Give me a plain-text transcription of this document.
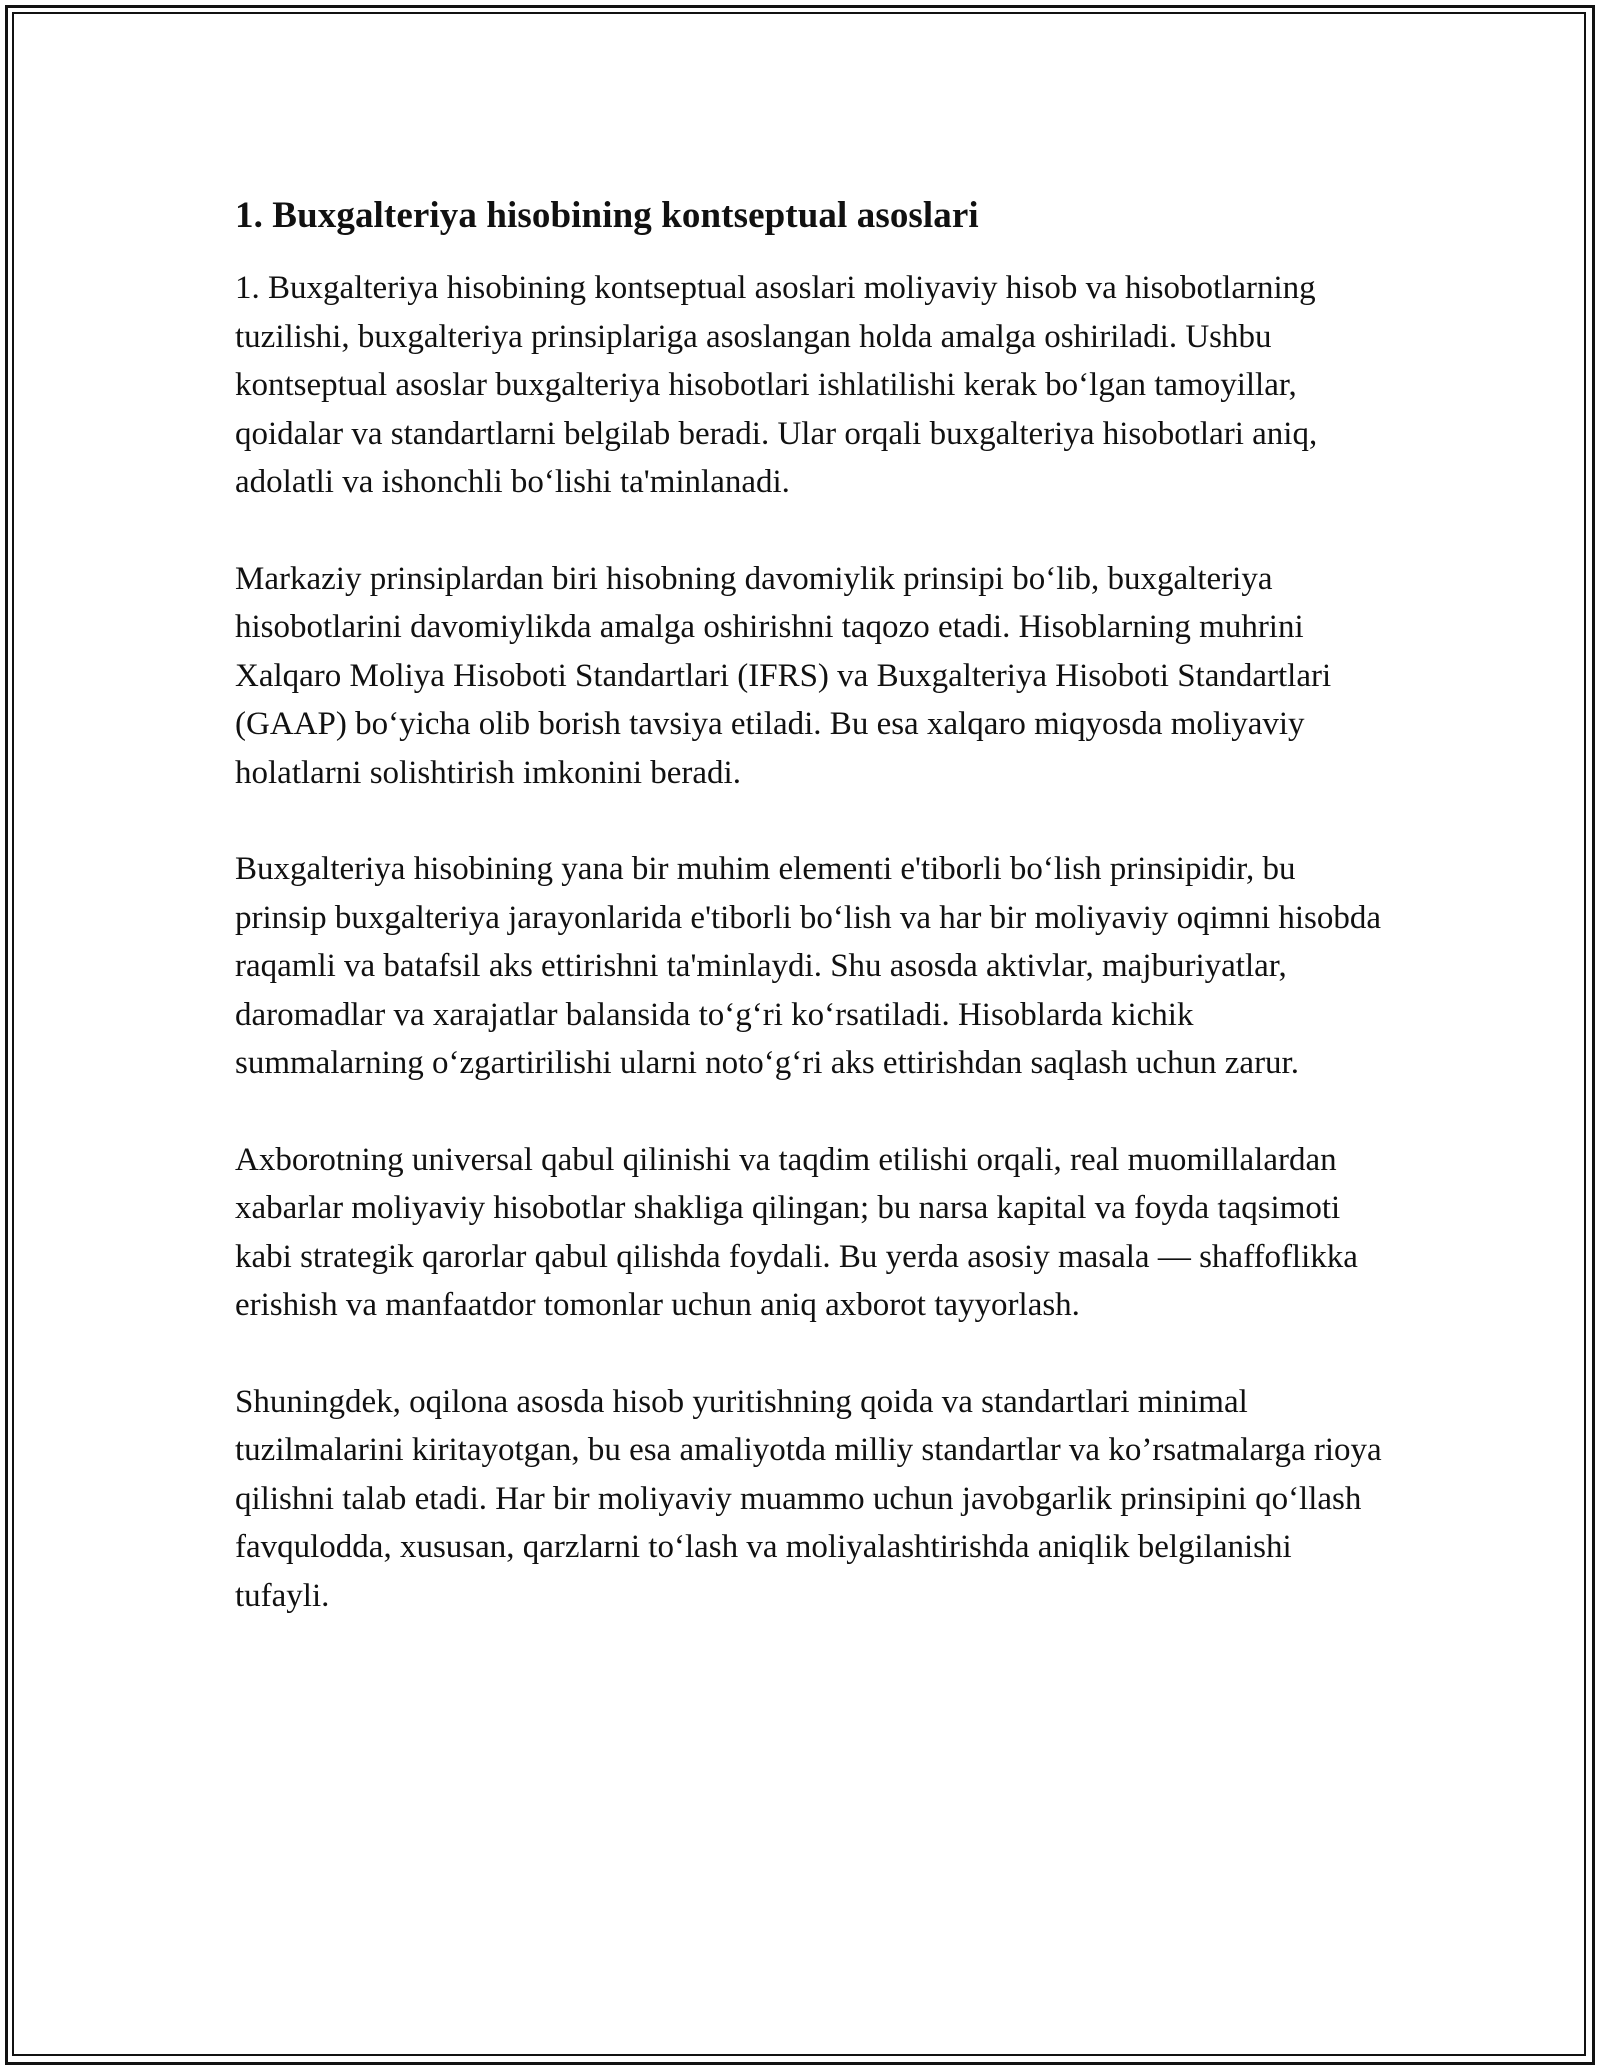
1. Buxgalteriya hisobining kontseptual asoslari

1. Buxgalteriya hisobining kontseptual asoslari moliyaviy hisob va hisobotlarning tuzilishi, buxgalteriya prinsiplariga asoslangan holda amalga oshiriladi. Ushbu kontseptual asoslar buxgalteriya hisobotlari ishlatilishi kerak bo‘lgan tamoyillar, qoidalar va standartlarni belgilab beradi. Ular orqali buxgalteriya hisobotlari aniq, adolatli va ishonchli bo‘lishi ta'minlanadi.

Markaziy prinsiplardan biri hisobning davomiylik prinsipi bo‘lib, buxgalteriya hisobotlarini davomiylikda amalga oshirishni taqozo etadi. Hisoblarning muhrini Xalqaro Moliya Hisoboti Standartlari (IFRS) va Buxgalteriya Hisoboti Standartlari (GAAP) bo‘yicha olib borish tavsiya etiladi. Bu esa xalqaro miqyosda moliyaviy holatlarni solishtirish imkonini beradi.

Buxgalteriya hisobining yana bir muhim elementi e'tiborli bo‘lish prinsipidir, bu prinsip buxgalteriya jarayonlarida e'tiborli bo‘lish va har bir moliyaviy oqimni hisobda raqamli va batafsil aks ettirishni ta'minlaydi. Shu asosda aktivlar, majburiyatlar, daromadlar va xarajatlar balansida to‘g‘ri ko‘rsatiladi. Hisoblarda kichik summalarning o‘zgartirilishi ularni noto‘g‘ri aks ettirishdan saqlash uchun zarur.

Axborotning universal qabul qilinishi va taqdim etilishi orqali, real muomillalardan xabarlar moliyaviy hisobotlar shakliga qilingan; bu narsa kapital va foyda taqsimoti kabi strategik qarorlar qabul qilishda foydali. Bu yerda asosiy masala — shaffoflikka erishish va manfaatdor tomonlar uchun aniq axborot tayyorlash.

Shuningdek, oqilona asosda hisob yuritishning qoida va standartlari minimal tuzilmalarini kiritayotgan, bu esa amaliyotda milliy standartlar va ko’rsatmalarga rioya qilishni talab etadi. Har bir moliyaviy muammo uchun javobgarlik prinsipini qo‘llash favqulodda, xususan, qarzlarni to‘lash va moliyalashtirishda aniqlik belgilanishi tufayli.
